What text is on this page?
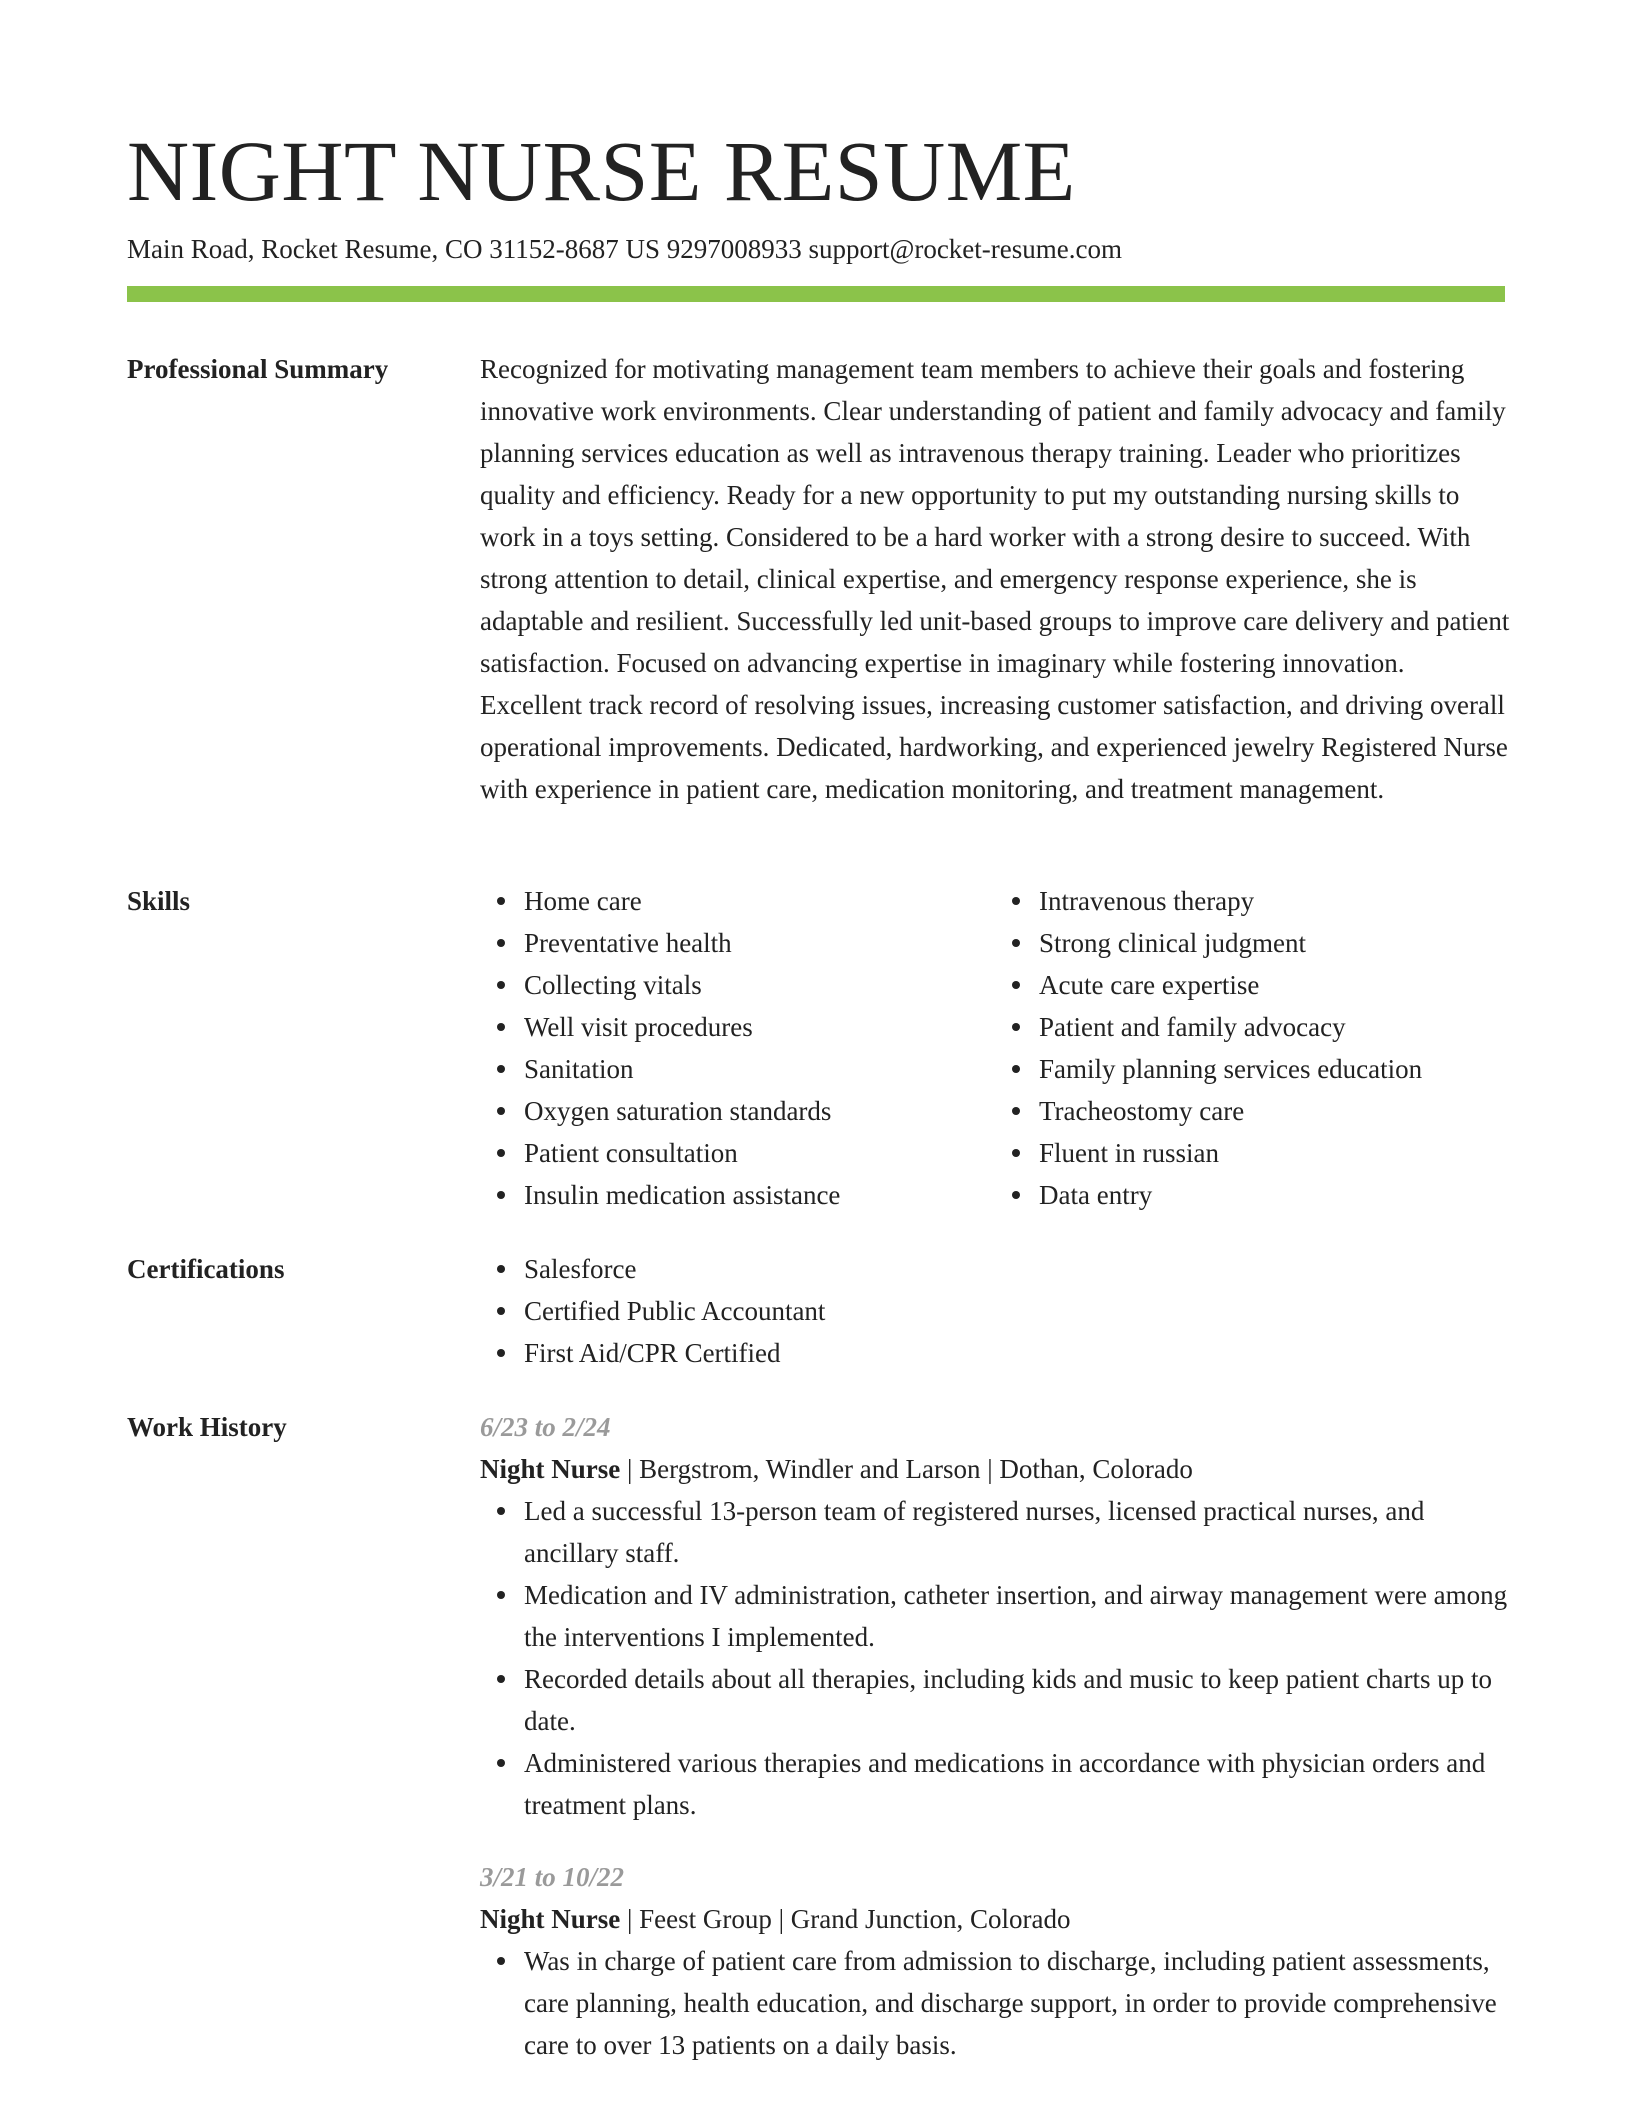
NIGHT NURSE RESUME
Main Road, Rocket Resume, CO 31152-8687 US 9297008933 support@rocket-resume.com
Professional Summary	Recognized for motivating management team members to achieve their goals and fostering innovative work environments. Clear understanding of patient and family advocacy and family planning services education as well as intravenous therapy training. Leader who prioritizes quality and efficiency. Ready for a new opportunity to put my outstanding nursing skills to work in a toys setting. Considered to be a hard worker with a strong desire to succeed. With strong attention to detail, clinical expertise, and emergency response experience, she is adaptable and resilient. Successfully led unit-based groups to improve care delivery and patient satisfaction. Focused on advancing expertise in imaginary while fostering innovation. Excellent track record of resolving issues, increasing customer satisfaction, and driving overall operational improvements. Dedicated, hardworking, and experienced jewelry Registered Nurse with experience in patient care, medication monitoring, and treatment management.

Skills	Home care
Preventative health
Collecting vitals
Well visit procedures
Sanitation
Oxygen saturation standards
Patient consultation
Insulin medication assistance
Intravenous therapy
Strong clinical judgment
Acute care expertise
Patient and family advocacy
Family planning services education
Tracheostomy care
Fluent in russian
Data entry
Certifications	Salesforce
Certified Public Accountant
First Aid/CPR Certified
Work History	6/23 to 2/24
Night Nurse | Bergstrom, Windler and Larson | Dothan, Colorado
Led a successful 13-person team of registered nurses, licensed practical nurses, and ancillary staff.
Medication and IV administration, catheter insertion, and airway management were among the interventions I implemented.
Recorded details about all therapies, including kids and music to keep patient charts up to date.
Administered various therapies and medications in accordance with physician orders and treatment plans.
3/21 to 10/22
Night Nurse | Feest Group | Grand Junction, Colorado
Was in charge of patient care from admission to discharge, including patient assessments, care planning, health education, and discharge support, in order to provide comprehensive care to over 13 patients on a daily basis.
